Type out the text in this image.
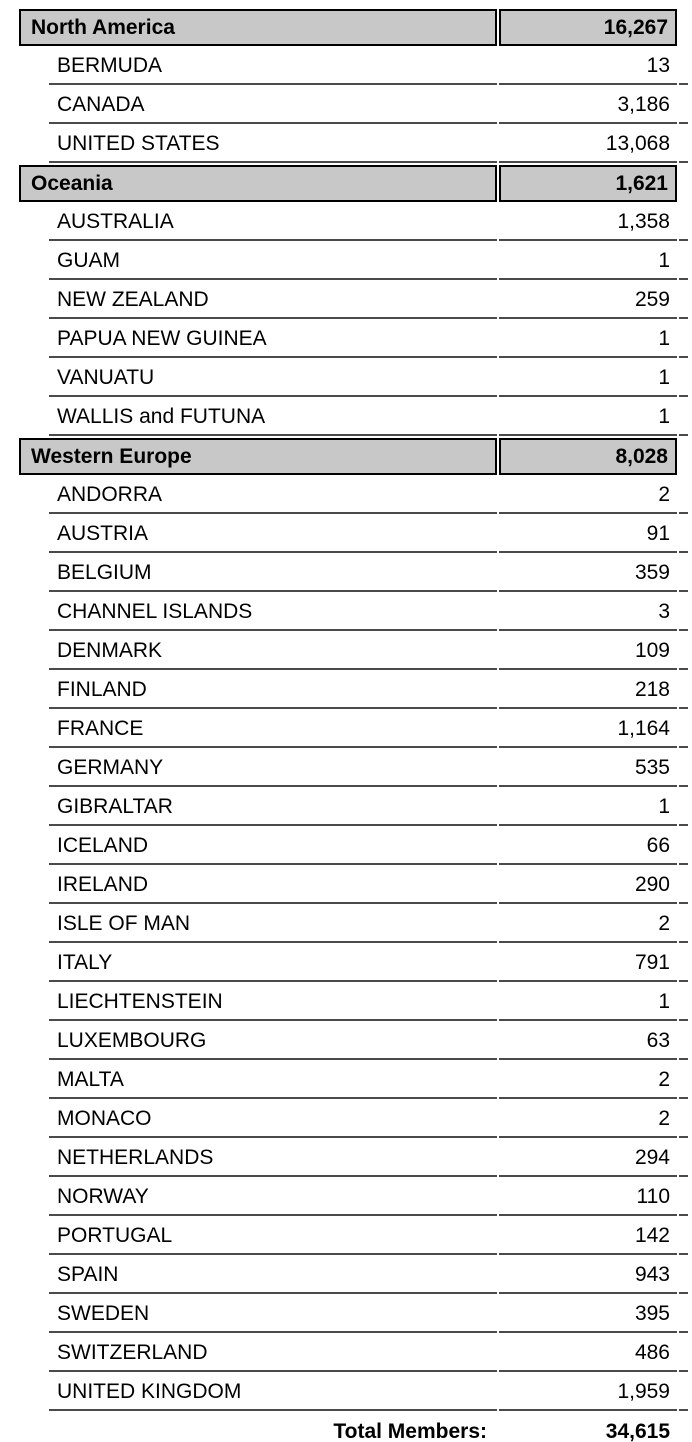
North America		16,267	
	BERMUDA	13	
	CANADA	3,186	
	UNITED STATES	13,068	
Oceania		1,621	
	AUSTRALIA	1,358	
	GUAM	1	
	NEW ZEALAND	259	
	PAPUA NEW GUINEA	1	
	VANUATU	1	
	WALLIS and FUTUNA	1	
Western Europe		8,028	
	ANDORRA	2	
	AUSTRIA	91	
	BELGIUM	359	
	CHANNEL ISLANDS	3	
	DENMARK	109	
	FINLAND	218	
	FRANCE	1,164	
	GERMANY	535	
	GIBRALTAR	1	
	ICELAND	66	
	IRELAND	290	
	ISLE OF MAN	2	
	ITALY	791	
	LIECHTENSTEIN	1	
	LUXEMBOURG	63	
	MALTA	2	
	MONACO	2	
	NETHERLANDS	294	
	NORWAY	110	
	PORTUGAL	142	
	SPAIN	943	
	SWEDEN	395	
	SWITZERLAND	486	
	UNITED KINGDOM	1,959	
	Total Members:	34,615	
